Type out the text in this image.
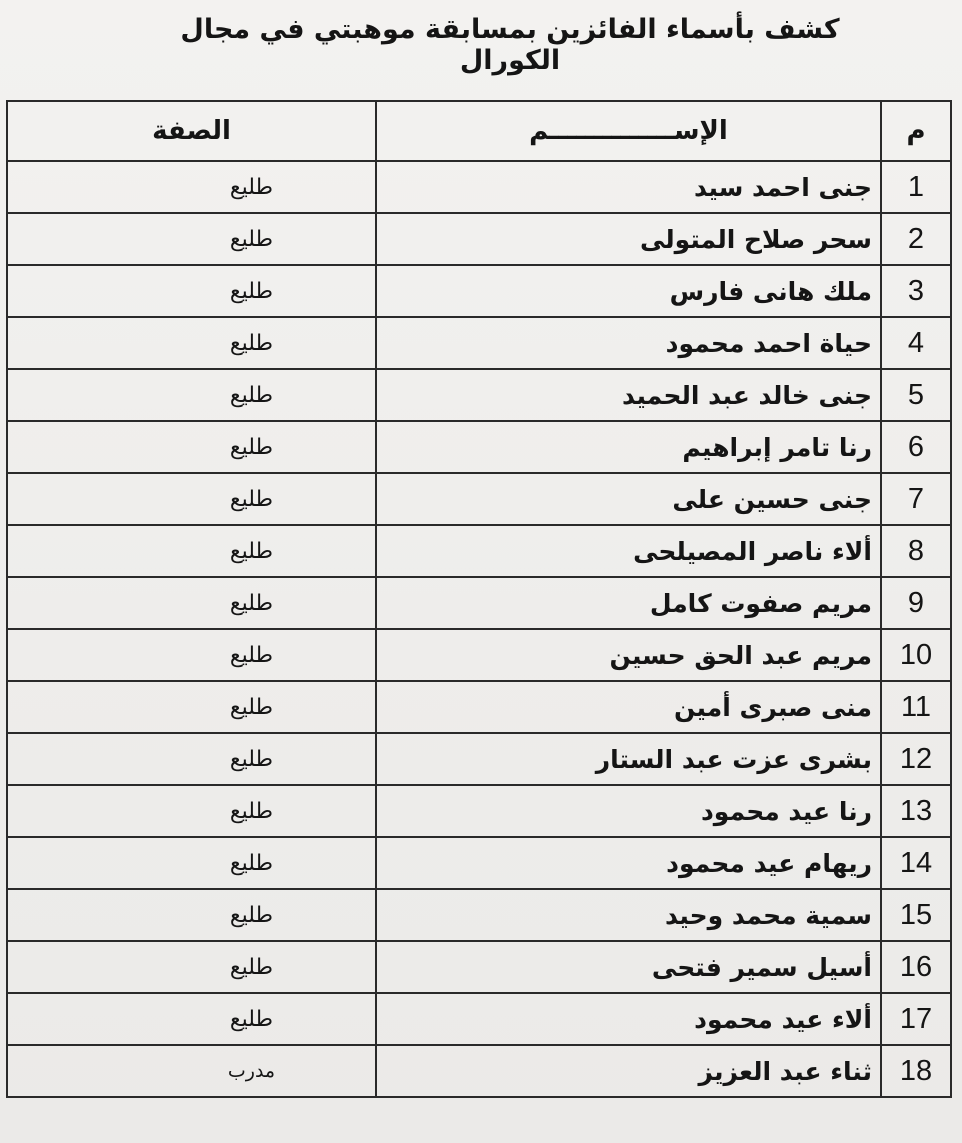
كشف بأسماء الفائزين بمسابقة موهبتي في مجال الكورال
م	الإســــــــــــــم	الصفة
1	جنى احمد سيد	طليع
2	سحر صلاح المتولى	طليع
3	ملك هانى فارس	طليع
4	حياة احمد محمود	طليع
5	جنى خالد عبد الحميد	طليع
6	رنا تامر إبراهيم	طليع
7	جنى حسين على	طليع
8	ألاء ناصر المصيلحى	طليع
9	مريم صفوت كامل	طليع
10	مريم عبد الحق حسين	طليع
11	منى صبرى أمين	طليع
12	بشرى عزت عبد الستار	طليع
13	رنا عيد محمود	طليع
14	ريهام عيد محمود	طليع
15	سمية محمد وحيد	طليع
16	أسيل سمير فتحى	طليع
17	ألاء عيد محمود	طليع
18	ثناء عبد العزيز	مدرب
